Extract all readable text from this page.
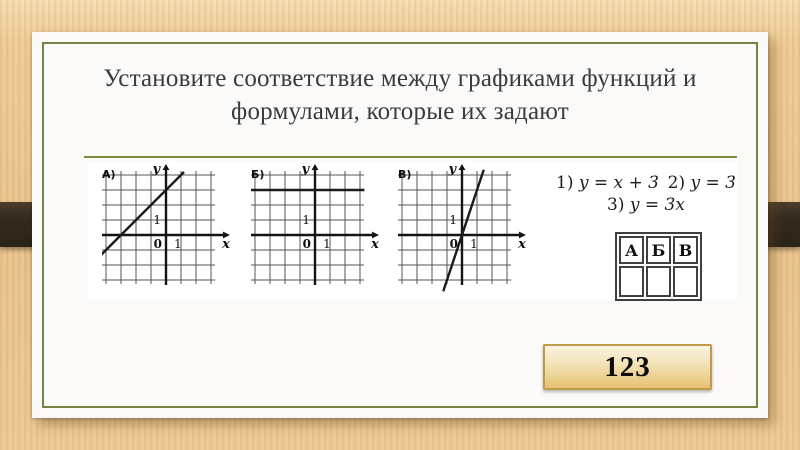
Установите соответствие между графиками функций и формулами, которые их задают
А)	y
x
0 1
1
Б)	y
x
0 1
1
В)	y
x
0 1
1
1) y = x + 3 2) y = 3
3) y = 3x
А	Б	В

123
